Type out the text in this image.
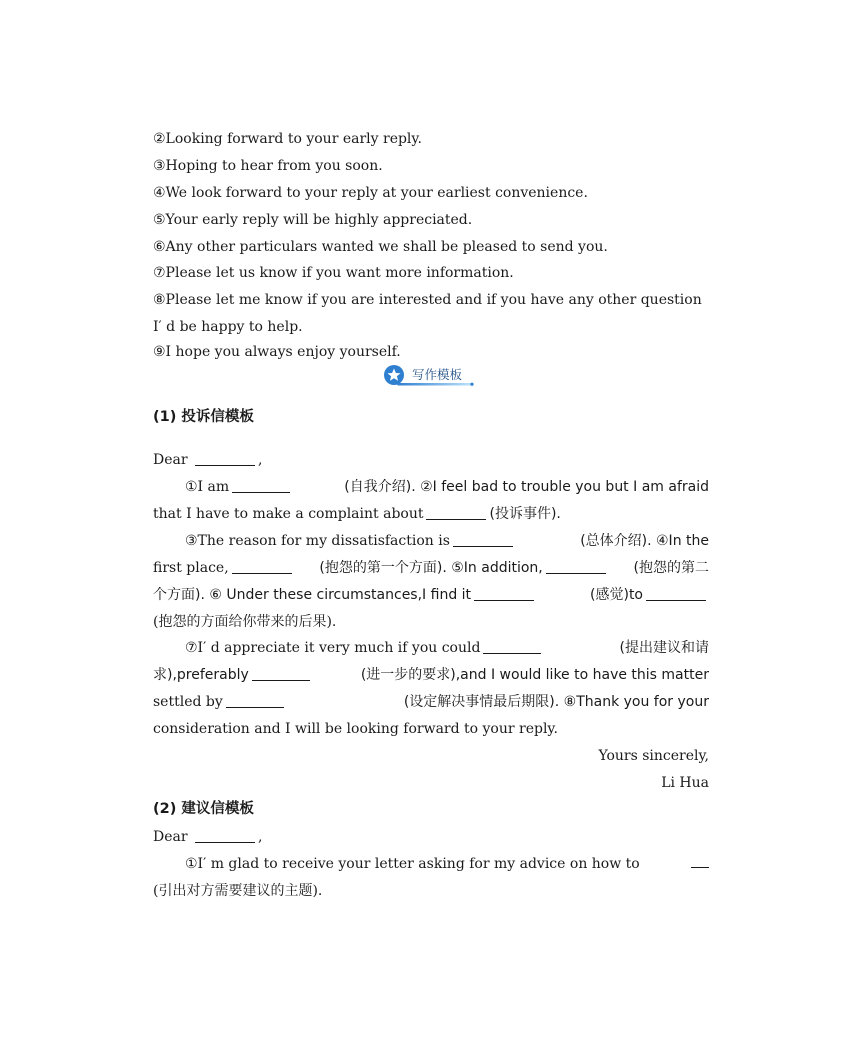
②Looking forward to your early reply.
③Hoping to hear from you soon.
④We look forward to your reply at your earliest convenience.
⑤Your early reply will be highly appreciated.
⑥Any other particulars wanted we shall be pleased to send you.
⑦Please let us know if you want more information.
⑧Please let me know if you are interested and if you have any other question
I′ d be happy to help.
⑨I hope you always enjoy yourself.
写作模板
(1) 投诉信模板
Dear	,
①I am	(自我介绍). ②I feel bad to trouble you but I am afraid
that I have to make a complaint about	(投诉事件).
③The reason for my dissatisfaction is	(总体介绍). ④In the
first place,	(抱怨的第一个方面). ⑤In addition,	(抱怨的第二
个方面). ⑥ Under these circumstances,I find it	(感觉)to
(抱怨的方面给你带来的后果).
⑦I′ d appreciate it very much if you could	(提出建议和请
求),preferably	(进一步的要求),and I would like to have this matter
settled by	(设定解决事情最后期限). ⑧Thank you for your
consideration and I will be looking forward to your reply.
Yours sincerely,
Li Hua
(2) 建议信模板
Dear	,
①I′ m glad to receive your letter asking for my advice on how to
(引出对方需要建议的主题).
